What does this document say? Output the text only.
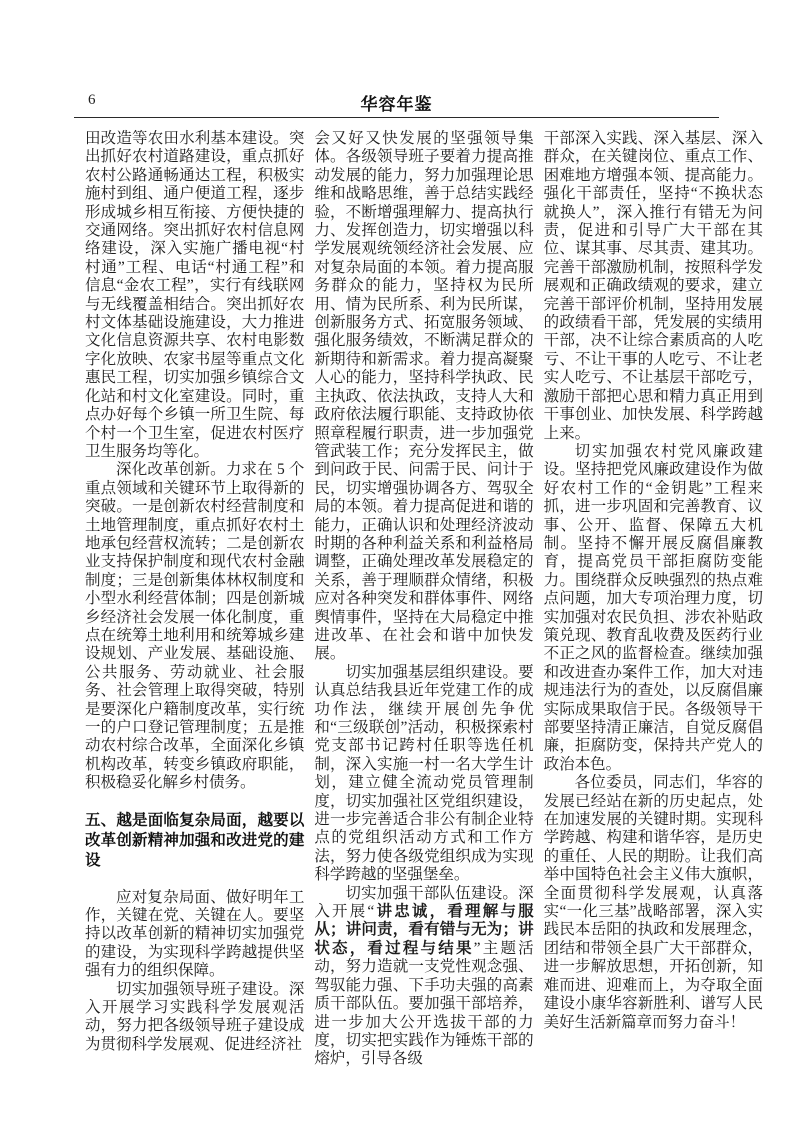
6	华容年鉴

田改造等农田水利基本建设。突出抓好农村道路建设，重点抓好农村公路通畅通达工程，积极实施村到组、通户便道工程，逐步形成城乡相互衔接、方便快捷的交通网络。突出抓好农村信息网络建设，深入实施广播电视“村村通”工程、电话“村通工程”和信息“金农工程”，实行有线联网与无线覆盖相结合。突出抓好农村文体基础设施建设，大力推进文化信息资源共享、农村电影数字化放映、农家书屋等重点文化惠民工程，切实加强乡镇综合文化站和村文化室建设。同时，重点办好每个乡镇一所卫生院、每个村一个卫生室，促进农村医疗卫生服务均等化。

深化改革创新。力求在 5 个重点领域和关键环节上取得新的突破。一是创新农村经营制度和土地管理制度，重点抓好农村土地承包经营权流转；二是创新农业支持保护制度和现代农村金融制度；三是创新集体林权制度和小型水利经营体制；四是创新城乡经济社会发展一体化制度，重点在统筹土地利用和统筹城乡建设规划、产业发展、基础设施、公共服务、劳动就业、社会服务、社会管理上取得突破，特别是要深化户籍制度改革，实行统一的户口登记管理制度；五是推动农村综合改革，全面深化乡镇机构改革，转变乡镇政府职能，积极稳妥化解乡村债务。

五、越是面临复杂局面，越要以改革创新精神加强和改进党的建设

应对复杂局面、做好明年工作，关键在党、关键在人。要坚持以改革创新的精神切实加强党的建设，为实现科学跨越提供坚强有力的组织保障。

切实加强领导班子建设。深入开展学习实践科学发展观活动，努力把各级领导班子建设成为贯彻科学发展观、促进经济社

会又好又快发展的坚强领导集体。各级领导班子要着力提高推动发展的能力，努力加强理论思维和战略思维，善于总结实践经验，不断增强理解力、提高执行力、发挥创造力，切实增强以科学发展观统领经济社会发展、应对复杂局面的本领。着力提高服务群众的能力，坚持权为民所用、情为民所系、利为民所谋，创新服务方式、拓宽服务领域、强化服务绩效，不断满足群众的新期待和新需求。着力提高凝聚人心的能力，坚持科学执政、民主执政、依法执政，支持人大和政府依法履行职能、支持政协依照章程履行职责，进一步加强党管武装工作；充分发挥民主，做到问政于民、问需于民、问计于民，切实增强协调各方、驾驭全局的本领。着力提高促进和谐的能力，正确认识和处理经济波动时期的各种利益关系和利益格局调整，正确处理改革发展稳定的关系，善于理顺群众情绪，积极应对各种突发和群体事件、网络舆情事件，坚持在大局稳定中推进改革、在社会和谐中加快发展。

切实加强基层组织建设。要认真总结我县近年党建工作的成功作法，继续开展创先争优和“三级联创”活动，积极探索村党支部书记跨村任职等选任机制，深入实施一村一名大学生计划，建立健全流动党员管理制度，切实加强社区党组织建设，进一步完善适合非公有制企业特点的党组织活动方式和工作方法，努力使各级党组织成为实现科学跨越的坚强堡垒。

切实加强干部队伍建设。深入开展“讲忠诚，看理解与服从；讲问责，看有错与无为；讲状态，看过程与结果”主题活动，努力造就一支党性观念强、驾驭能力强、下手功夫强的高素质干部队伍。要加强干部培养，进一步加大公开选拔干部的力度，切实把实践作为锤炼干部的熔炉，引导各级

干部深入实践、深入基层、深入群众，在关键岗位、重点工作、困难地方增强本领、提高能力。强化干部责任，坚持“不换状态就换人”，深入推行有错无为问责，促进和引导广大干部在其位、谋其事、尽其责、建其功。完善干部激励机制，按照科学发展观和正确政绩观的要求，建立完善干部评价机制，坚持用发展的政绩看干部，凭发展的实绩用干部，决不让综合素质高的人吃亏、不让干事的人吃亏、不让老实人吃亏、不让基层干部吃亏，激励干部把心思和精力真正用到干事创业、加快发展、科学跨越上来。

切实加强农村党风廉政建设。坚持把党风廉政建设作为做好农村工作的“金钥匙”工程来抓，进一步巩固和完善教育、议事、公开、监督、保障五大机制。坚持不懈开展反腐倡廉教育，提高党员干部拒腐防变能力。围绕群众反映强烈的热点难点问题，加大专项治理力度，切实加强对农民负担、涉农补贴政策兑现、教育乱收费及医药行业不正之风的监督检查。继续加强和改进查办案件工作，加大对违规违法行为的查处，以反腐倡廉实际成果取信于民。各级领导干部要坚持清正廉洁，自觉反腐倡廉，拒腐防变，保持共产党人的政治本色。

各位委员，同志们，华容的发展已经站在新的历史起点，处在加速发展的关键时期。实现科学跨越、构建和谐华容，是历史的重任、人民的期盼。让我们高举中国特色社会主义伟大旗帜，全面贯彻科学发展观，认真落实“一化三基”战略部署，深入实践民本岳阳的执政和发展理念，团结和带领全县广大干部群众，进一步解放思想，开拓创新，知难而进、迎难而上，为夺取全面建设小康华容新胜利、谱写人民美好生活新篇章而努力奋斗！
